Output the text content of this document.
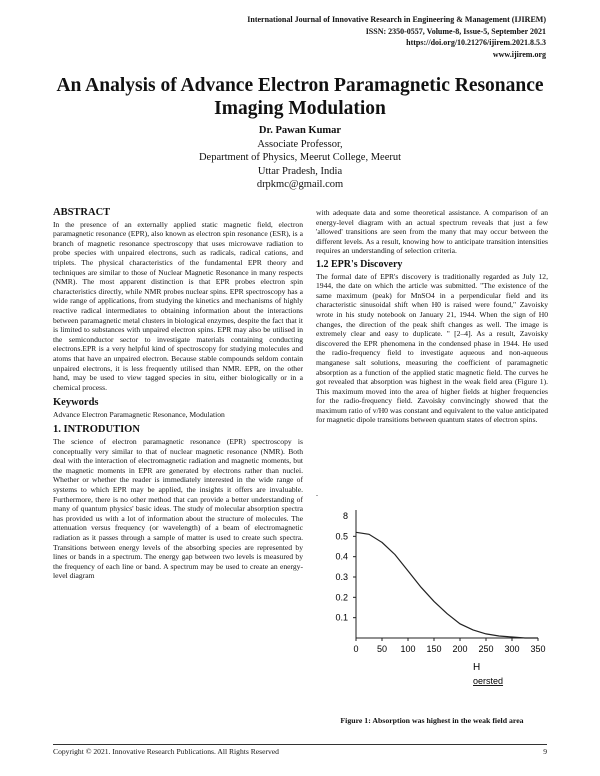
International Journal of Innovative Research in Engineering & Management (IJIREM)
ISSN: 2350-0557, Volume-8, Issue-5, September 2021
https://doi.org/10.21276/ijirem.2021.8.5.3
www.ijirem.org
An Analysis of Advance Electron Paramagnetic Resonance Imaging Modulation
Dr. Pawan Kumar
Associate Professor,
Department of Physics, Meerut College, Meerut
Uttar Pradesh, India
drpkmc@gmail.com
ABSTRACT

In the presence of an externally applied static magnetic field, electron paramagnetic resonance (EPR), also known as electron spin resonance (ESR), is a branch of magnetic resonance spectroscopy that uses microwave radiation to probe species with unpaired electrons, such as radicals, radical cations, and triplets. The physical characteristics of the fundamental EPR theory and techniques are similar to those of Nuclear Magnetic Resonance in many respects (NMR). The most apparent distinction is that EPR probes electron spin characteristics directly, while NMR probes nuclear spins. EPR spectroscopy has a wide range of applications, from studying the kinetics and mechanisms of highly reactive radical intermediates to obtaining information about the interactions between paramagnetic metal clusters in biological enzymes, despite the fact that it is limited to substances with unpaired electron spins. EPR may also be utilised in the semiconductor sector to investigate materials containing conducting electrons.EPR is a very helpful kind of spectroscopy for studying molecules and atoms that have an unpaired electron. Because stable compounds seldom contain unpaired electrons, it is less frequently utilised than NMR. EPR, on the other hand, may be used to view tagged species in situ, either biologically or in a chemical process.

Keywords

Advance Electron Paramagnetic Resonance, Modulation

1. INTRODUTION

The science of electron paramagnetic resonance (EPR) spectroscopy is conceptually very similar to that of nuclear magnetic resonance (NMR). Both deal with the interaction of electromagnetic radiation and magnetic moments, but the magnetic moments in EPR are generated by electrons rather than nuclei. Whether or whether the reader is immediately interested in the wide range of systems to which EPR may be applied, the insights it offers are invaluable. Furthermore, there is no other method that can provide a better understanding of many of quantum physics' basic ideas. The study of molecular absorption spectra has provided us with a lot of information about the structure of molecules. The attenuation versus frequency (or wavelength) of a beam of electromagnetic radiation as it passes through a sample of matter is used to create such spectra. Transitions between energy levels of the absorbing species are represented by lines or bands in a spectrum. The energy gap between two levels is measured by the frequency of each line or band. A spectrum may be used to create an energy-level diagram

with adequate data and some theoretical assistance. A comparison of an energy-level diagram with an actual spectrum reveals that just a few 'allowed' transitions are seen from the many that may occur between the different levels. As a result, knowing how to anticipate transition intensities requires an understanding of selection criteria.

1.2 EPR's Discovery

The formal date of EPR's discovery is traditionally regarded as July 12, 1944, the date on which the article was submitted. "The existence of the same maximum (peak) for MnSO4 in a perpendicular field and its characteristic sinusoidal shift when H0 is raised were found," Zavoisky wrote in his study notebook on January 21, 1944. When the sign of H0 changes, the direction of the peak shift changes as well. The image is extremely clear and easy to duplicate. " [2–4]. As a result, Zavoisky discovered the EPR phenomena in the condensed phase in 1944. He used the radio-frequency field to investigate aqueous and non-aqueous manganese salt solutions, measuring the coefficient of paramagnetic absorption as a function of the applied static magnetic field. The curves he got revealed that absorption was highest in the weak field area (Figure 1). This maximum moved into the area of higher fields at higher frequencies for the radio-frequency field. Zavoisky convincingly showed that the maximum ratio of v/H0 was constant and equivalent to the value anticipated for magnetic dipole transitions between quantum states of electron spins.

.
0.1
0.2
0.3
0.4
0.5
8
0 50 100 150 200 250 300 350
H
oersted
Figure 1: Absorption was highest in the weak field area
Copyright © 2021. Innovative Research Publications. All Rights Reserved	9
